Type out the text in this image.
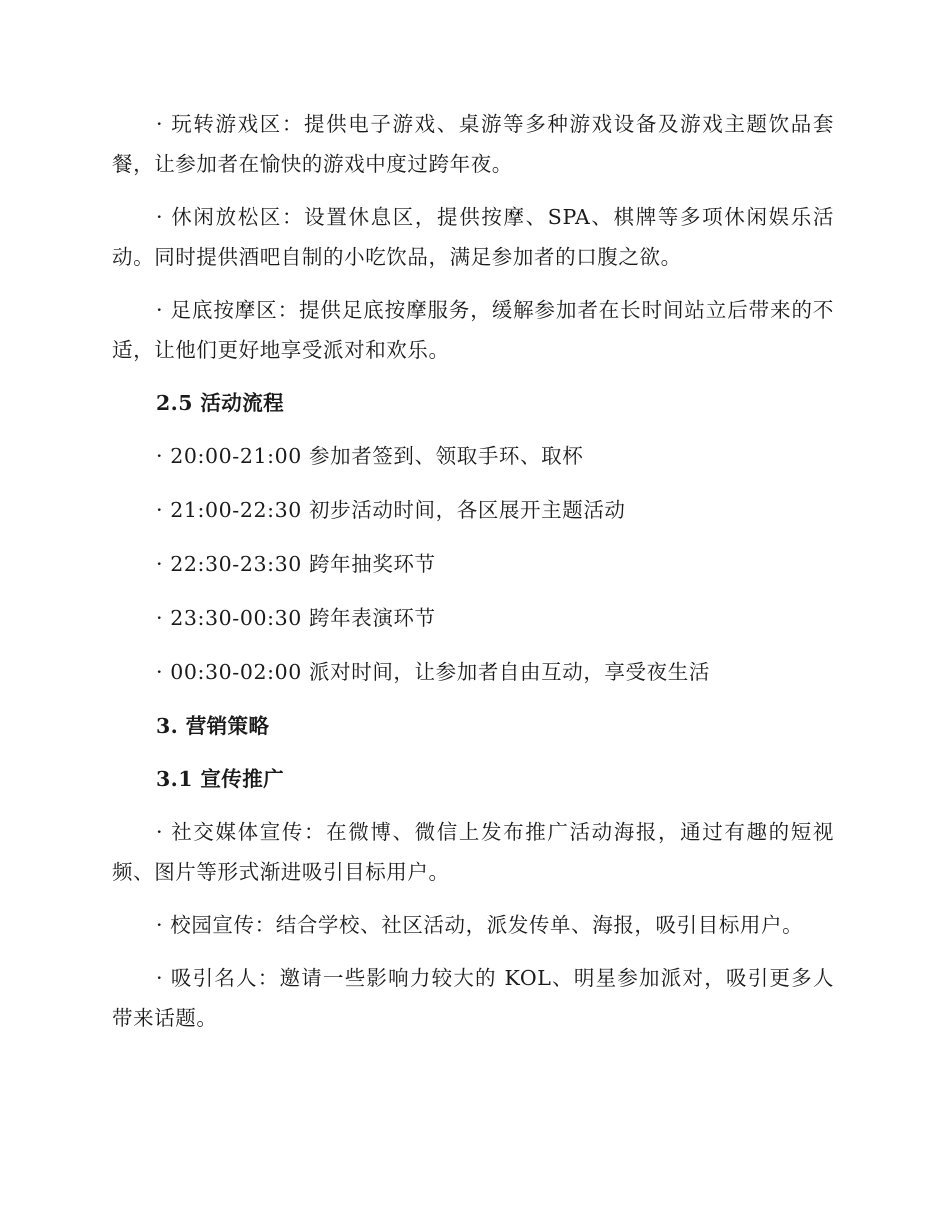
· 玩转游戏区：提供电子游戏、桌游等多种游戏设备及游戏主题饮品套餐，让参加者在愉快的游戏中度过跨年夜。

· 休闲放松区：设置休息区，提供按摩、SPA、棋牌等多项休闲娱乐活动。同时提供酒吧自制的小吃饮品，满足参加者的口腹之欲。

· 足底按摩区：提供足底按摩服务，缓解参加者在长时间站立后带来的不适，让他们更好地享受派对和欢乐。

2.5 活动流程

· 20:00-21:00 参加者签到、领取手环、取杯

· 21:00-22:30 初步活动时间，各区展开主题活动

· 22:30-23:30 跨年抽奖环节

· 23:30-00:30 跨年表演环节

· 00:30-02:00 派对时间，让参加者自由互动，享受夜生活

3. 营销策略

3.1 宣传推广

· 社交媒体宣传：在微博、微信上发布推广活动海报，通过有趣的短视频、图片等形式渐进吸引目标用户。

· 校园宣传：结合学校、社区活动，派发传单、海报，吸引目标用户。

· 吸引名人：邀请一些影响力较大的 KOL、明星参加派对，吸引更多人带来话题。
